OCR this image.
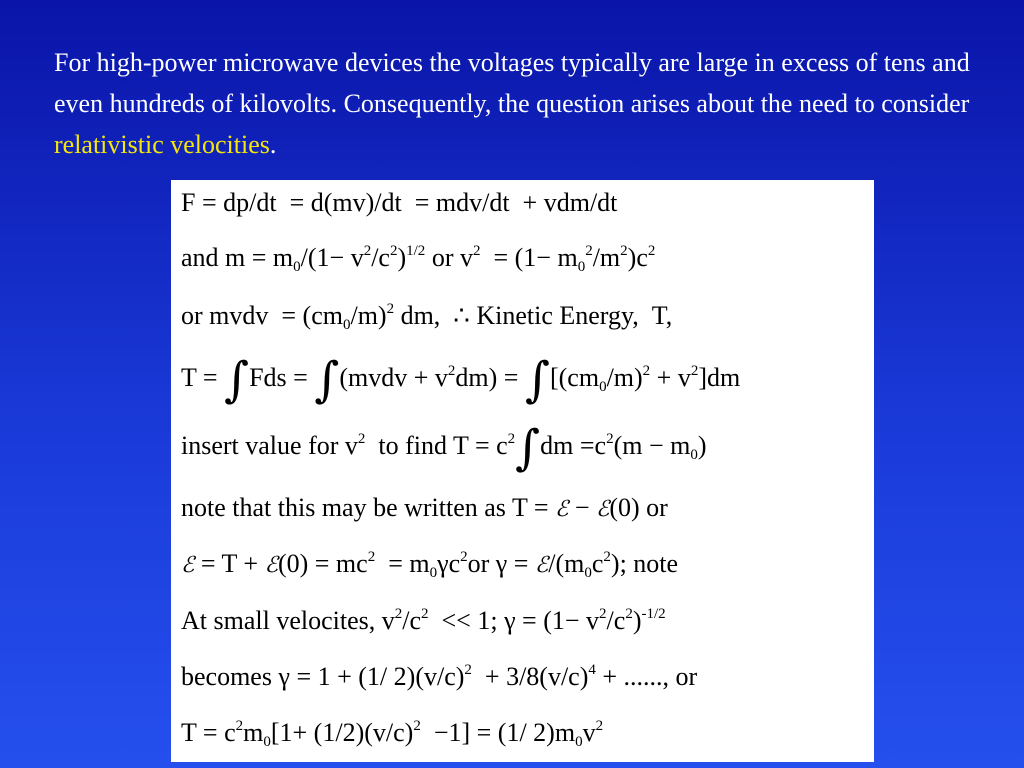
For high-power microwave devices the voltages typically are large in excess of tens and even hundreds of kilovolts. Consequently, the question arises about the need to consider relativistic velocities.
F = dp/dt  = d(mv)/dt  = mdv/dt  + vdm/dt
and $m = m_0/(1- v^2/c^2)^{1/2}$ or $v^2 = (1- m_0^2/m^2)c^2$
or mvdv  = $(cm_0/m)^2$ dm,  ∴ Kinetic Energy,  T,
T = ∫Fds = ∫(mvdv + $v^2dm) = \int[(cm_0/m)^2 + v^2]dm$
insert value for $v^2$  to find $T = c^2\int dm =c^2(m - m_0)$
note that this may be written as T = ℰ − ℰ(0) or
ℰ = T + ℰ(0) = $mc^2 = m_0\gamma c^2or$ $\gamma = ℰ/(m_0c^2)$; note
At small velocites, $v^2/c^2 << 1$; $\gamma = (1- v^2/c^2)^{-1/2}$
becomes γ = 1 + (1/ $2)(v/c)^2 + 3/8(v/c)^4$ + ......, or
$T = c^2m_0[1+ (1/2)(v/c)^2 -1] = (1/$ $2)m_0v^2$
